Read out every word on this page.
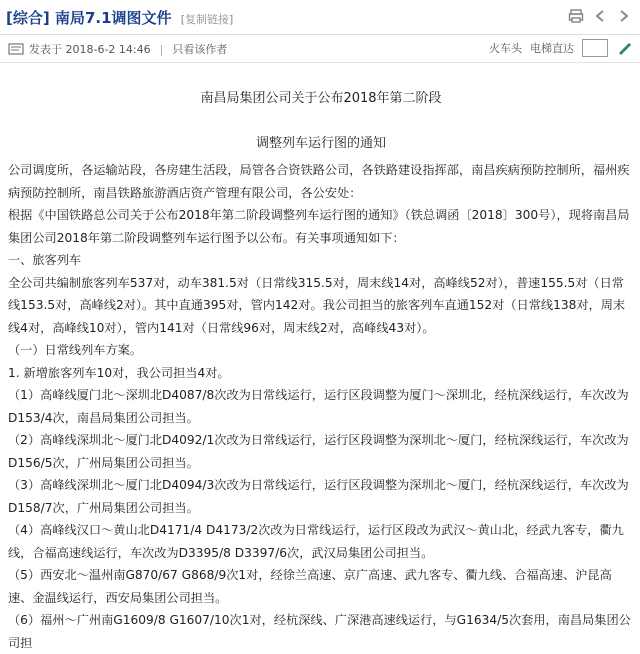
[综合] 南局7.1调图文件 [复制链接]
发表于 2018-6-2 14:46 | 只看该作者	火车头 电梯直达
南昌局集团公司关于公布2018年第二阶段
调整列车运行图的通知

公司调度所，各运输站段，各房建生活段，局管各合资铁路公司，各铁路建设指挥部，南昌疾病预防控制所，福州疾病预防控制所，南昌铁路旅游酒店资产管理有限公司，各公安处：

根据《中国铁路总公司关于公布2018年第二阶段调整列车运行图的通知》（铁总调函〔2018〕300号），现将南昌局集团公司2018年第二阶段调整列车运行图予以公布。有关事项通知如下：

一、旅客列车

全公司共编制旅客列车537对，动车381.5对（日常线315.5对，周末线14对，高峰线52对），普速155.5对（日常线153.5对，高峰线2对）。其中直通395对，管内142对。我公司担当的旅客列车直通152对（日常线138对，周末线4对，高峰线10对），管内141对（日常线96对，周末线2对，高峰线43对）。

（一）日常线列车方案。

1. 新增旅客列车10对，我公司担当4对。

（1）高峰线厦门北～深圳北D4087/8次改为日常线运行，运行区段调整为厦门～深圳北，经杭深线运行，车次改为D153/4次，南昌局集团公司担当。

（2）高峰线深圳北～厦门北D4092/1次改为日常线运行，运行区段调整为深圳北～厦门，经杭深线运行，车次改为D156/5次，广州局集团公司担当。

（3）高峰线深圳北～厦门北D4094/3次改为日常线运行，运行区段调整为深圳北～厦门，经杭深线运行，车次改为D158/7次，广州局集团公司担当。

（4）高峰线汉口～黄山北D4171/4 D4173/2次改为日常线运行，运行区段改为武汉～黄山北，经武九客专，衢九线，合福高速线运行，车次改为D3395/8 D3397/6次，武汉局集团公司担当。

（5）西安北～温州南G870/67 G868/9次1对，经徐兰高速、京广高速、武九客专、衢九线、合福高速、沪昆高速、金温线运行，西安局集团公司担当。

（6）福州～广州南G1609/8 G1607/10次1对，经杭深线、广深港高速线运行，与G1634/5次套用，南昌局集团公司担
